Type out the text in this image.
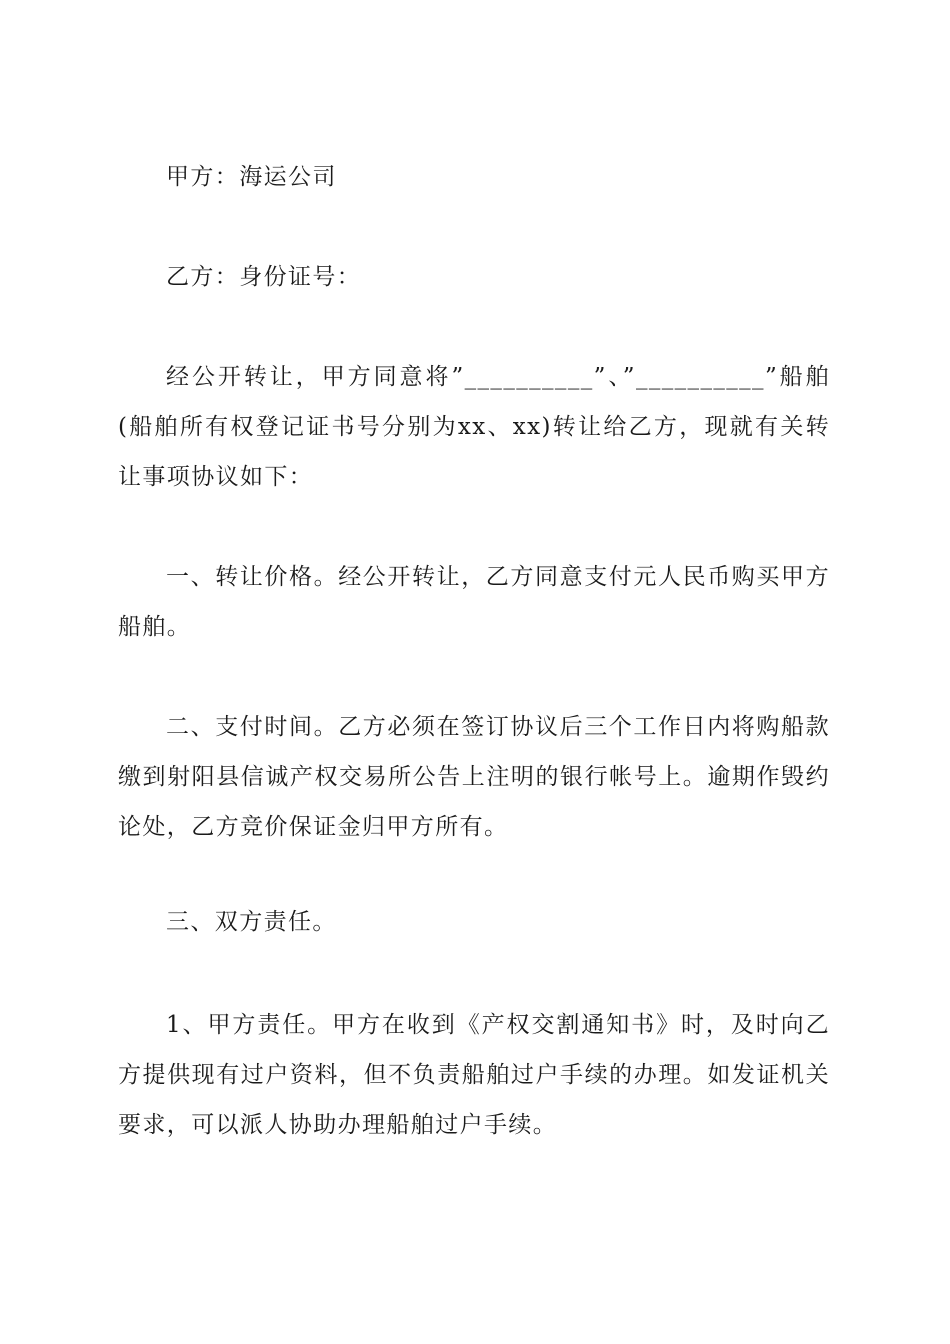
甲方：海运公司

乙方：身份证号：

经公开转让，甲方同意将”__________”、”__________”船舶(船舶所有权登记证书号分别为xx、xx)转让给乙方，现就有关转让事项协议如下：

一、转让价格。经公开转让，乙方同意支付元人民币购买甲方船舶。

二、支付时间。乙方必须在签订协议后三个工作日内将购船款缴到射阳县信诚产权交易所公告上注明的银行帐号上。逾期作毁约论处，乙方竞价保证金归甲方所有。

三、双方责任。

1、甲方责任。甲方在收到《产权交割通知书》时，及时向乙方提供现有过户资料，但不负责船舶过户手续的办理。如发证机关要求，可以派人协助办理船舶过户手续。
